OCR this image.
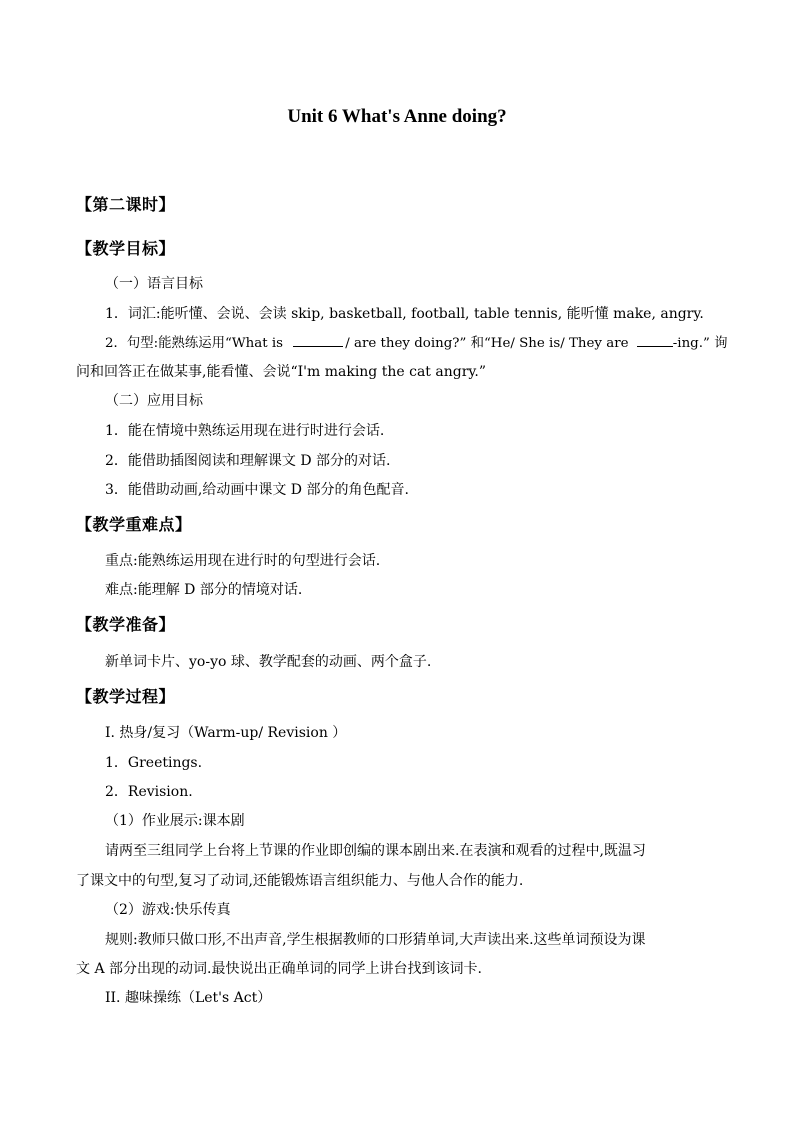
Unit 6 What's Anne doing?
【第二课时】
【教学目标】
（一）语言目标
1．词汇:能听懂、会说、会读 skip, basketball, football, table tennis, 能听懂 make, angry.
2．句型:能熟练运用“What is	/ are they doing?” 和“He/ She is/ They are	-ing.” 询
问和回答正在做某事,能看懂、会说“I'm making the cat angry.”
（二）应用目标
1．能在情境中熟练运用现在进行时进行会话.
2．能借助插图阅读和理解课文 D 部分的对话.
3．能借助动画,给动画中课文 D 部分的角色配音.
【教学重难点】
重点:能熟练运用现在进行时的句型进行会话.
难点:能理解 D 部分的情境对话.
【教学准备】
新单词卡片、yo-yo 球、教学配套的动画、两个盒子.
【教学过程】
I. 热身/复习（Warm-up/ Revision ）
1．Greetings.
2．Revision.
（1）作业展示:课本剧
请两至三组同学上台将上节课的作业即创编的课本剧出来.在表演和观看的过程中,既温习
了课文中的句型,复习了动词,还能锻炼语言组织能力、与他人合作的能力.
（2）游戏:快乐传真
规则:教师只做口形,不出声音,学生根据教师的口形猜单词,大声读出来.这些单词预设为课
文 A 部分出现的动词.最快说出正确单词的同学上讲台找到该词卡.
II. 趣味操练（Let's Act）
